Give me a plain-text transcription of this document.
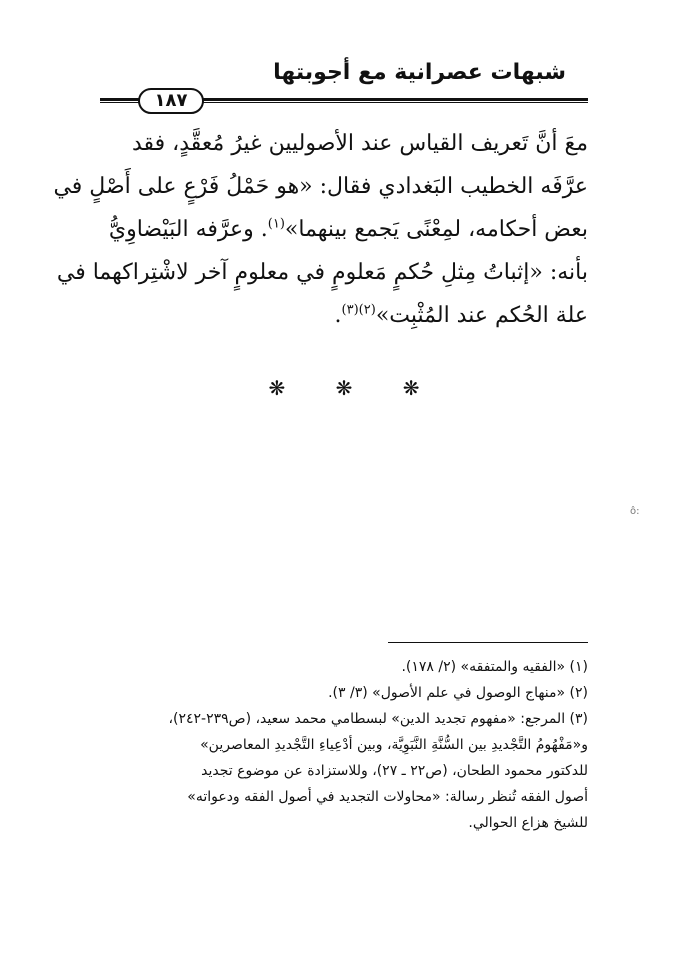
شبهات عصرانية مع أجوبتها
١٨٧
معَ أنَّ تَعريف القياس عند الأصوليين غيرُ مُعقَّدٍ، فقد
عرَّفَه الخطيب البَغدادي فقال: «هو حَمْلُ فَرْعٍ على أَصْلٍ في
بعض أحكامه، لمِعْنًى يَجمع بينهما»$^{(١)}$. وعرَّفه البَيْضاوِيُّ
بأنه: «إثباتُ مِثلِ حُكمٍ مَعلومٍ في معلومٍ آخر لاشْتِراكهما في
علة الحُكم عند المُثْبِت»$^{(٢)(٣)}$.
❋ ❋ ❋
ô:
(١) «الفقيه والمتفقه» (٢/ ١٧٨).
(٢) «منهاج الوصول في علم الأصول» (٣/ ٣).
(٣) المرجع: «مفهوم تجديد الدين» لبسطامي محمد سعيد، (ص٢٣٩-٢٤٢)،
و«مَفْهُومُ التَّجْديدِ بين السُّنَّةِ النَّبَوِيَّة، وبين أدْعِياءِ التَّجْديدِ المعاصرين»
للدكتور محمود الطحان، (ص٢٢ ـ ٢٧)، وللاستزادة عن موضوع تجديد
أصول الفقه تُنظر رسالة: «محاولات التجديد في أصول الفقه ودعواته»
للشيخ هزاع الحوالي.
